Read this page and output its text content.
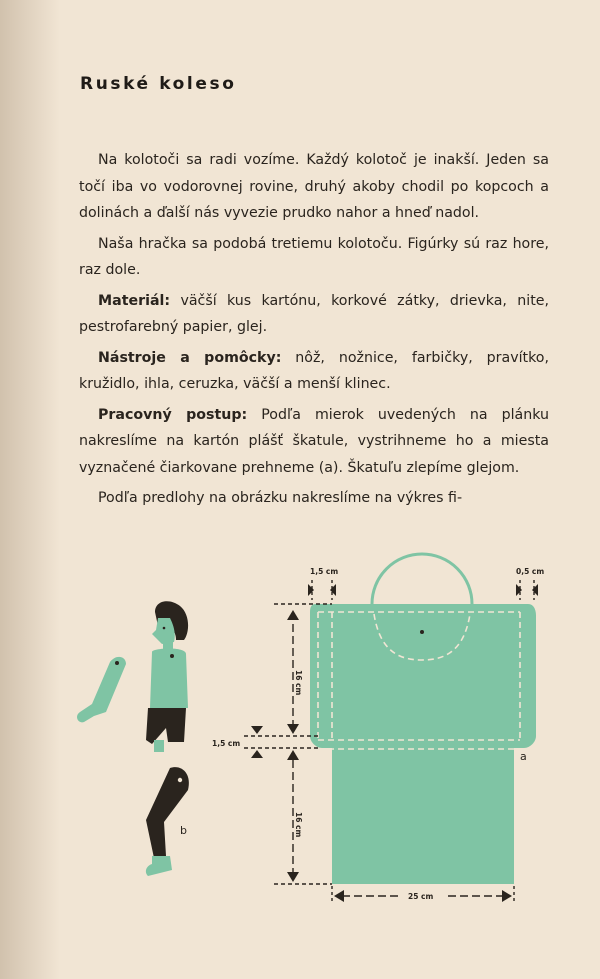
Ruské koleso

Na kolotoči sa radi vozíme. Každý kolotoč je inakší. Jeden sa točí iba vo vodorovnej rovine, druhý akoby chodil po kopcoch a dolinách a ďalší nás vyvezie prudko nahor a hneď nadol.

Naša hračka sa podobá tretiemu kolotoču. Figúrky sú raz hore, raz dole.

Materiál: väčší kus kartónu, korkové zátky, drievka, nite, pestrofarebný papier, glej.

Nástroje a pomôcky: nôž, nožnice, farbičky, pravítko, kružidlo, ihla, ceruzka, väčší a menší klinec.

Pracovný postup: Podľa mierok uvedených na plánku nakreslíme na kartón plášť škatule, vystrihneme ho a miesta vyznačené čiarkovane prehneme (a). Škatuľu zlepíme glejom.

Podľa predlohy na obrázku nakreslíme na výkres fi-

b
a
1,5 cm	0,5 cm
16 cm
1,5 cm
16 cm
25 cm
